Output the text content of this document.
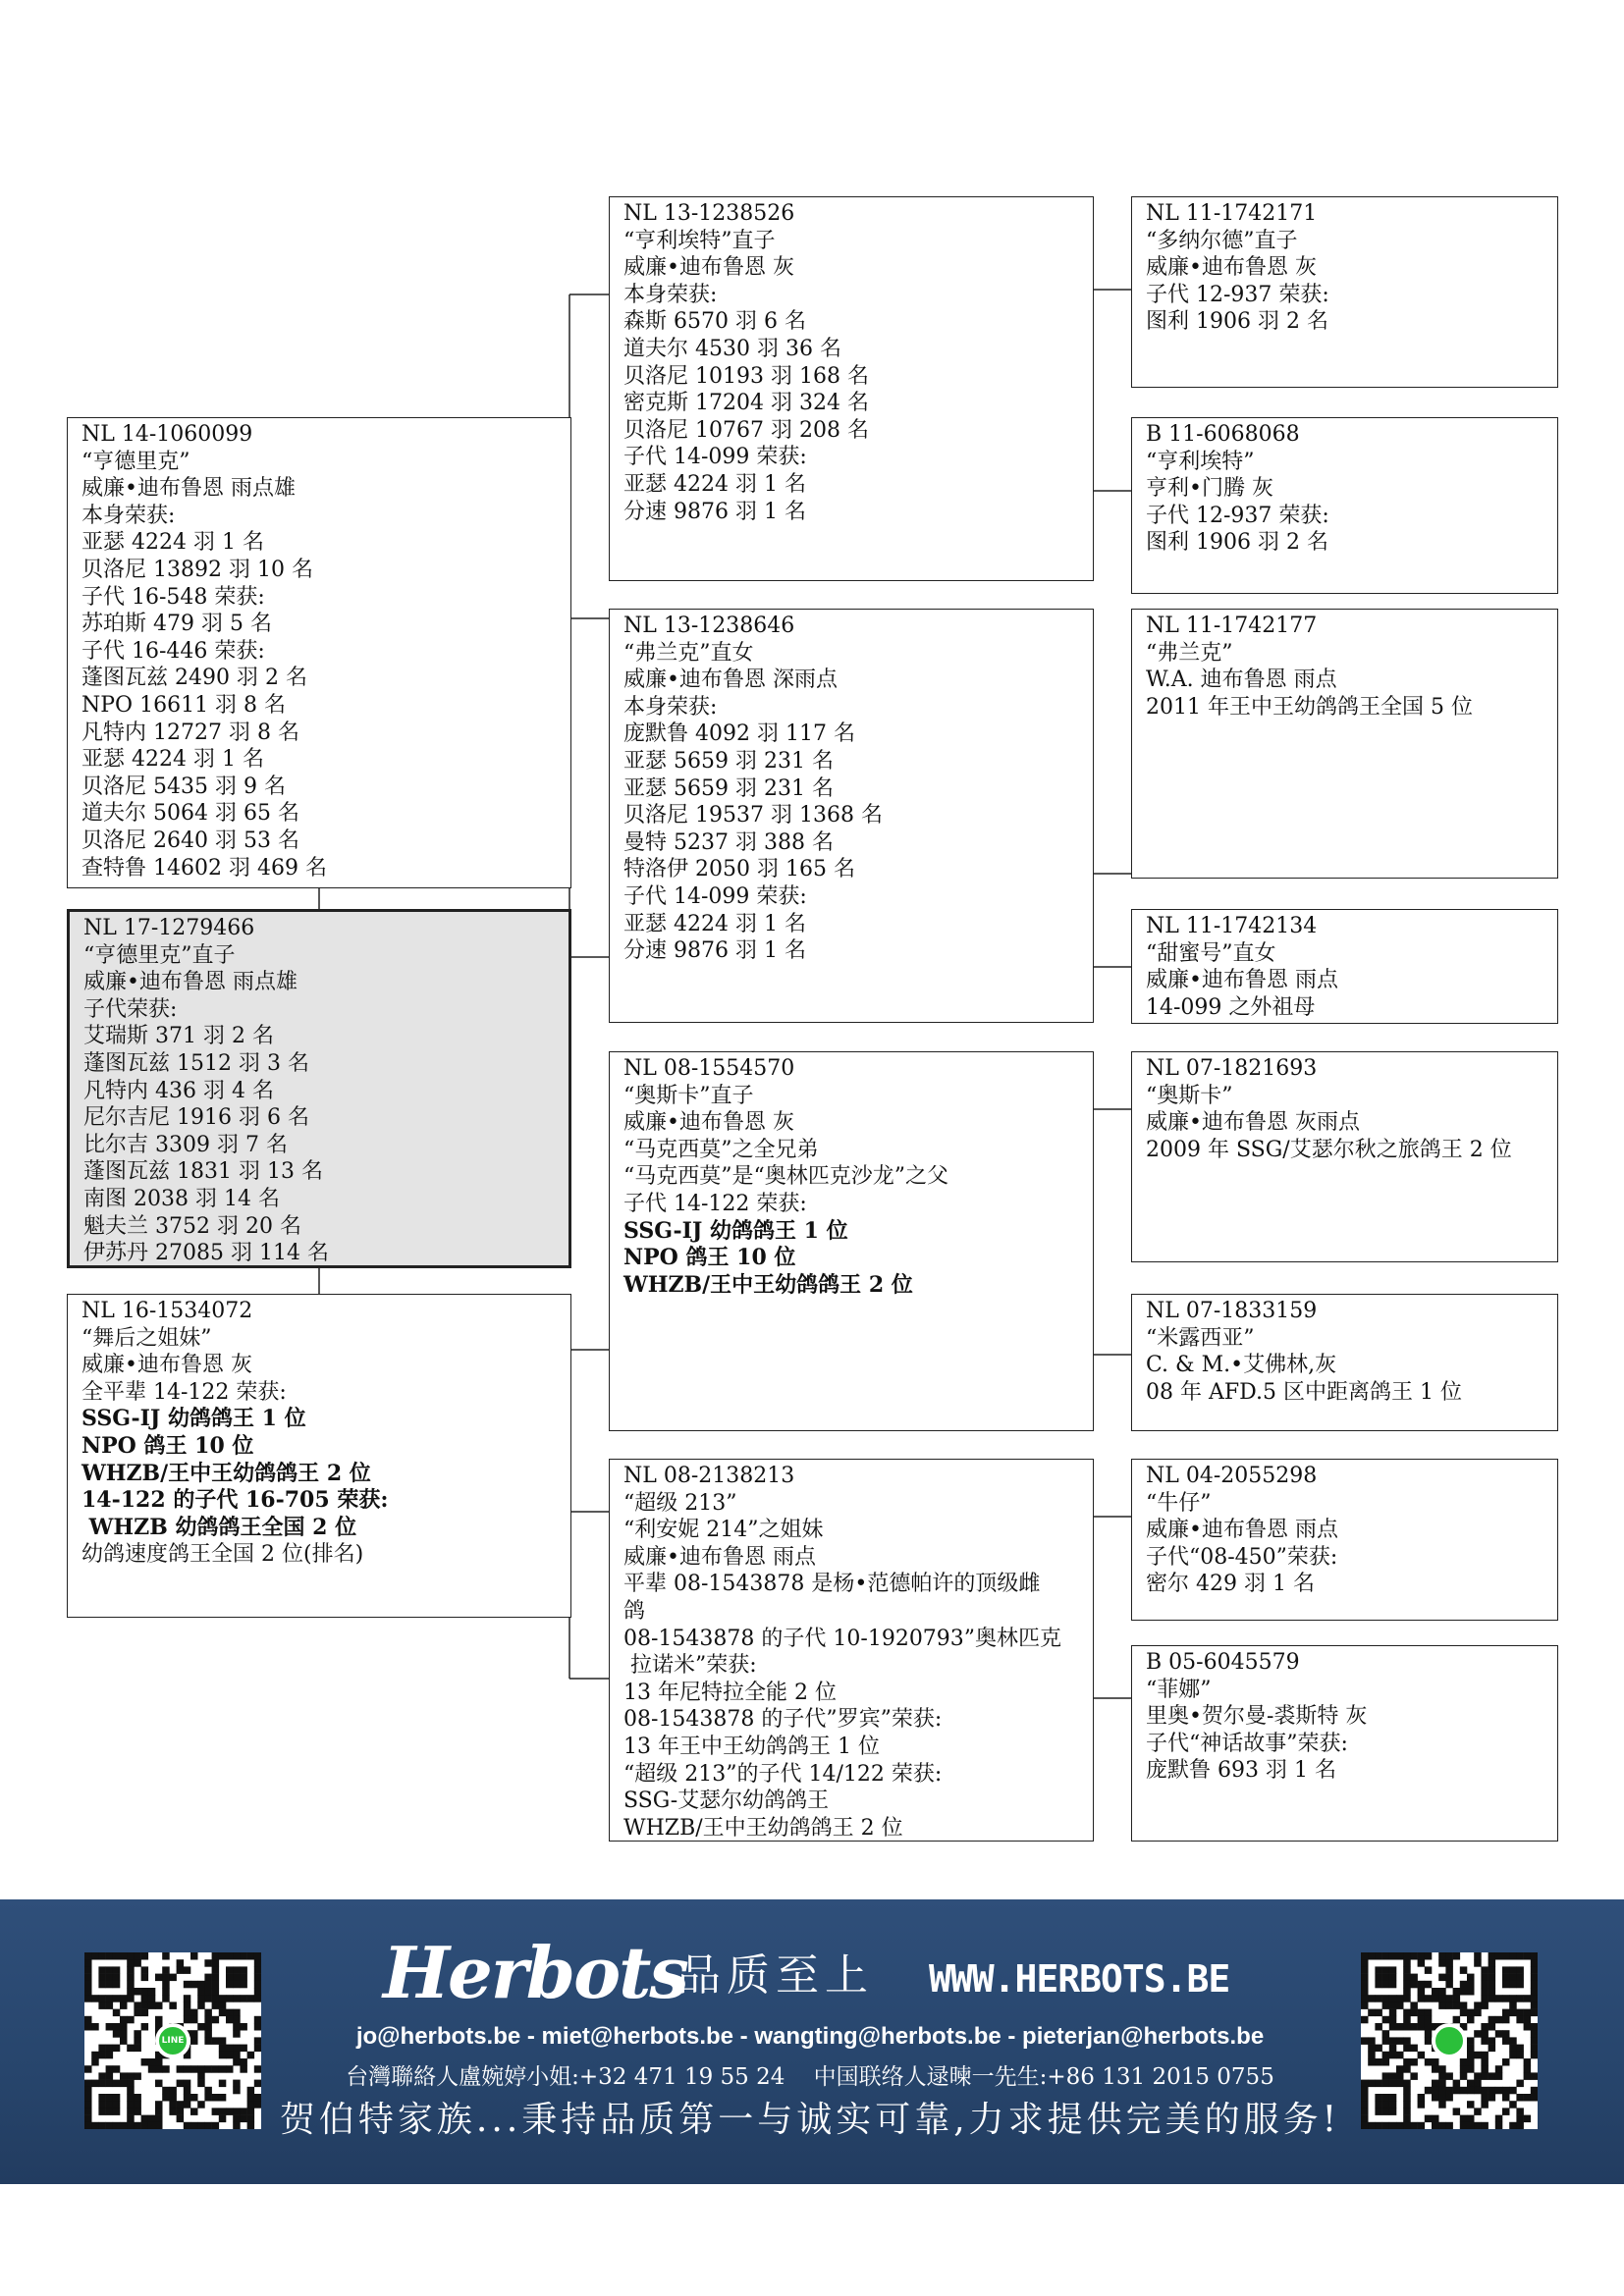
NL 14-1060099
“亨德里克”
威廉•迪布鲁恩 雨点雄
本身荣获:
亚瑟 4224 羽 1 名
贝洛尼 13892 羽 10 名
子代 16-548 荣获:
苏珀斯 479 羽 5 名
子代 16-446 荣获:
蓬图瓦兹 2490 羽 2 名
NPO 16611 羽 8 名
凡特内 12727 羽 8 名
亚瑟 4224 羽 1 名
贝洛尼 5435 羽 9 名
道夫尔 5064 羽 65 名
贝洛尼 2640 羽 53 名
查特鲁 14602 羽 469 名
NL 17-1279466
“亨德里克”直子
威廉•迪布鲁恩 雨点雄
子代荣获:
艾瑞斯 371 羽 2 名
蓬图瓦兹 1512 羽 3 名
凡特内 436 羽 4 名
尼尔吉尼 1916 羽 6 名
比尔吉 3309 羽 7 名
蓬图瓦兹 1831 羽 13 名
南图 2038 羽 14 名
魁夫兰 3752 羽 20 名
伊苏丹 27085 羽 114 名
NL 16-1534072
“舞后之姐妹”
威廉•迪布鲁恩 灰
全平辈 14-122 荣获:
SSG-IJ 幼鸽鸽王 1 位
NPO 鸽王 10 位
WHZB/王中王幼鸽鸽王 2 位
14-122 的子代 16-705 荣获:
WHZB 幼鸽鸽王全国 2 位
幼鸽速度鸽王全国 2 位(排名)
NL 13-1238526
“亨利埃特”直子
威廉•迪布鲁恩 灰
本身荣获:
森斯 6570 羽 6 名
道夫尔 4530 羽 36 名
贝洛尼 10193 羽 168 名
密克斯 17204 羽 324 名
贝洛尼 10767 羽 208 名
子代 14-099 荣获:
亚瑟 4224 羽 1 名
分速 9876 羽 1 名
NL 13-1238646
“弗兰克”直女
威廉•迪布鲁恩 深雨点
本身荣获:
庞默鲁 4092 羽 117 名
亚瑟 5659 羽 231 名
亚瑟 5659 羽 231 名
贝洛尼 19537 羽 1368 名
曼特 5237 羽 388 名
特洛伊 2050 羽 165 名
子代 14-099 荣获:
亚瑟 4224 羽 1 名
分速 9876 羽 1 名
NL 08-1554570
“奥斯卡”直子
威廉•迪布鲁恩 灰
“马克西莫”之全兄弟
“马克西莫”是“奥林匹克沙龙”之父
子代 14-122 荣获:
SSG-IJ 幼鸽鸽王 1 位
NPO 鸽王 10 位
WHZB/王中王幼鸽鸽王 2 位
NL 08-2138213
“超级 213”
“利安妮 214”之姐妹
威廉•迪布鲁恩 雨点
平辈 08-1543878 是杨•范德帕许的顶级雌
鸽
08-1543878 的子代 10-1920793”奥林匹克
拉诺米”荣获:
13 年尼特拉全能 2 位
08-1543878 的子代”罗宾”荣获:
13 年王中王幼鸽鸽王 1 位
“超级 213”的子代 14/122 荣获:
SSG-艾瑟尔幼鸽鸽王
WHZB/王中王幼鸽鸽王 2 位
NL 11-1742171
“多纳尔德”直子
威廉•迪布鲁恩 灰
子代 12-937 荣获:
图利 1906 羽 2 名
B 11-6068068
“亨利埃特”
亨利•门腾 灰
子代 12-937 荣获:
图利 1906 羽 2 名
NL 11-1742177
“弗兰克”
W.A. 迪布鲁恩 雨点
2011 年王中王幼鸽鸽王全国 5 位
NL 11-1742134
“甜蜜号”直女
威廉•迪布鲁恩 雨点
14-099 之外祖母
NL 07-1821693
“奥斯卡”
威廉•迪布鲁恩 灰雨点
2009 年 SSG/艾瑟尔秋之旅鸽王 2 位
NL 07-1833159
“米露西亚”
C. & M.•艾佛林,灰
08 年 AFD.5 区中距离鸽王 1 位
NL 04-2055298
“牛仔”
威廉•迪布鲁恩 雨点
子代“08-450”荣获:
密尔 429 羽 1 名
B 05-6045579
“菲娜”
里奥•贺尔曼-裘斯特 灰
子代“神话故事”荣获:
庞默鲁 693 羽 1 名
LINE
Herbots
品质至上 WWW.HERBOTS.BE
jo@herbots.be - miet@herbots.be - wangting@herbots.be - pieterjan@herbots.be
台灣聯絡人盧婉婷小姐:+32 471 19 55 24 中国联络人逯暕一先生:+86 131 2015 0755
贺伯特家族...秉持品质第一与诚实可靠,力求提供完美的服务!
